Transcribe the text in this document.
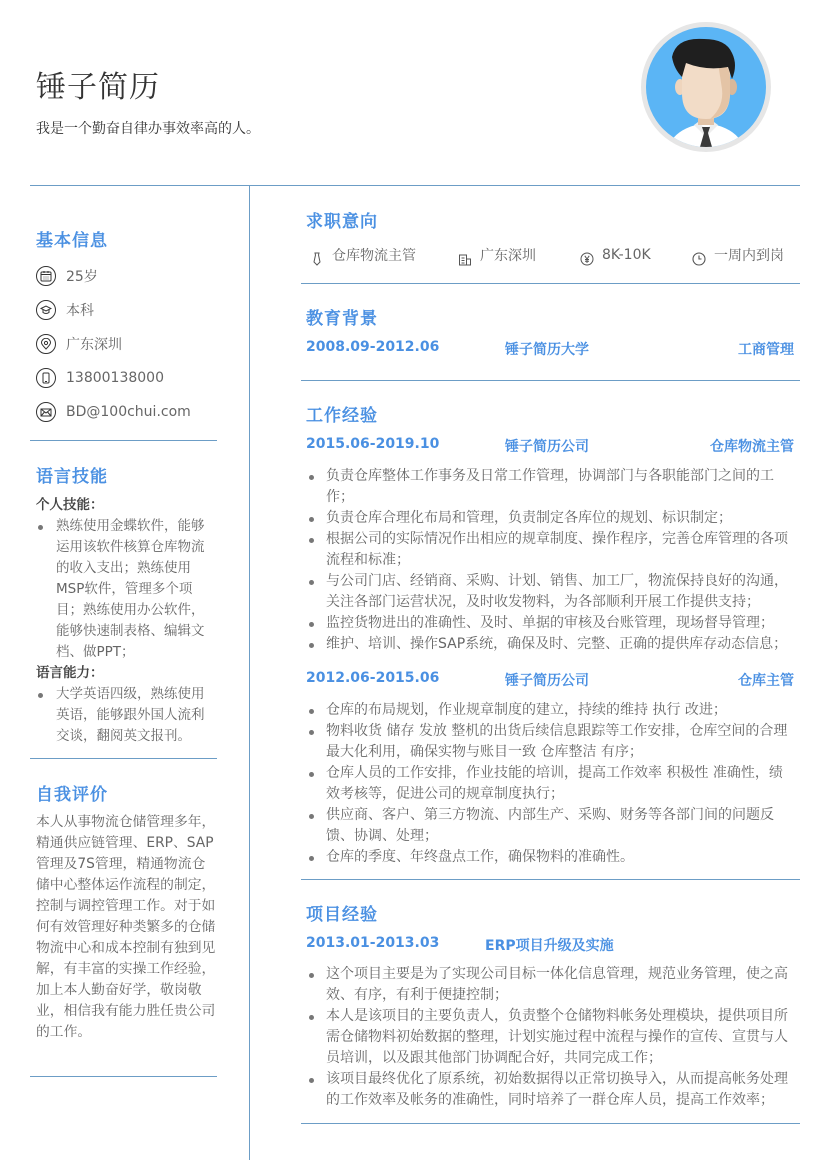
锤子简历
我是一个勤奋自律办事效率高的人。
基本信息
25岁
本科
广东深圳
13800138000
BD@100chui.com
语言技能
个人技能：
熟练使用金蝶软件，能够运用该软件核算仓库物流的收入支出；熟练使用MSP软件，管理多个项目；熟练使用办公软件，能够快速制表格、编辑文档、做PPT；
语言能力：
大学英语四级，熟练使用英语，能够跟外国人流利交谈，翻阅英文报刊。
自我评价
本人从事物流仓储管理多年，精通供应链管理、ERP、SAP管理及7S管理，精通物流仓储中心整体运作流程的制定，控制与调控管理工作。对于如何有效管理好种类繁多的仓储物流中心和成本控制有独到见解，有丰富的实操工作经验，加上本人勤奋好学，敬岗敬业，相信我有能力胜任贵公司的工作。
求职意向
仓库物流主管	广东深圳	8K-10K	一周内到岗
教育背景
2008.09-2012.06	锤子简历大学	工商管理
工作经验
2015.06-2019.10	锤子简历公司	仓库物流主管
负责仓库整体工作事务及日常工作管理，协调部门与各职能部门之间的工作；
负责仓库合理化布局和管理，负责制定各库位的规划、标识制定；
根据公司的实际情况作出相应的规章制度、操作程序，完善仓库管理的各项流程和标准；
与公司门店、经销商、采购、计划、销售、加工厂，物流保持良好的沟通，关注各部门运营状况，及时收发物料，为各部顺利开展工作提供支持；
监控货物进出的准确性、及时、单据的审核及台账管理，现场督导管理；
维护、培训、操作SAP系统，确保及时、完整、正确的提供库存动态信息；
2012.06-2015.06	锤子简历公司	仓库主管
仓库的布局规划，作业规章制度的建立，持续的维持 执行 改进；
物料收货 储存 发放 整机的出货后续信息跟踪等工作安排，仓库空间的合理最大化利用，确保实物与账目一致 仓库整洁 有序；
仓库人员的工作安排，作业技能的培训，提高工作效率 积极性 准确性，绩效考核等，促进公司的规章制度执行；
供应商、客户、第三方物流、内部生产、采购、财务等各部门间的问题反馈、协调、处理；
仓库的季度、年终盘点工作，确保物料的准确性。
项目经验
2013.01-2013.03	ERP项目升级及实施
这个项目主要是为了实现公司目标一体化信息管理，规范业务管理，使之高效、有序，有利于便捷控制；
本人是该项目的主要负责人，负责整个仓储物料帐务处理模块，提供项目所需仓储物料初始数据的整理，计划实施过程中流程与操作的宣传、宣贯与人员培训，以及跟其他部门协调配合好，共同完成工作；
该项目最终优化了原系统，初始数据得以正常切换导入，从而提高帐务处理的工作效率及帐务的准确性，同时培养了一群仓库人员，提高工作效率；
